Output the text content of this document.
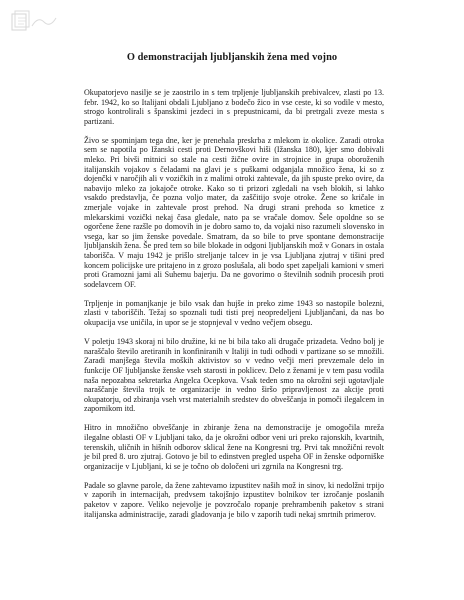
O demonstracijah ljubljanskih žena med vojno

Okupatorjevo nasilje se je zaostrilo in s tem trpljenje ljubljanskih prebivalcev, zlasti po 13. febr. 1942, ko so Italijani obdali Ljubljano z bodečo žico in vse ceste, ki so vodile v mesto, strogo kontrolirali s španskimi jezdeci in s prepustnicami, da bi pretrgali zveze mesta s partizani.

Živo se spominjam tega dne, ker je prenehala preskrba z mlekom iz okolice. Zaradi otroka sem se napotila po Ižanski cesti proti Dernovškovi hiši (Ižanska 180), kjer smo dobivali mleko. Pri bivši mitnici so stale na cesti žične ovire in strojnice in grupa oboroženih italijanskih vojakov s čeladami na glavi je s puškami odganjala množico žena, ki so z dojenčki v naročjih ali v vozičkih in z malimi otroki zahtevale, da jih spuste preko ovire, da nabavijo mleko za jokajoče otroke. Kako so ti prizori zgledali na vseh blokih, si lahko vsakdo predstavlja, če pozna voljo mater, da zaščitijo svoje otroke. Žene so kričale in zmerjale vojake in zahtevale prost prehod. Na drugi strani prehoda so kmetice z mlekarskimi vozički nekaj časa gledale, nato pa se vračale domov. Šele opoldne so se ogorčene žene razšle po domovih in je dobro samo to, da vojaki niso razumeli slovensko in vsega, kar so jim ženske povedale. Smatram, da so bile to prve spontane demonstracije ljubljanskih žena. Še pred tem so bile blokade in odgoni ljubljanskih mož v Gonars in ostala taborišča. V maju 1942 je prišlo streljanje talcev in je vsa Ljubljana zjutraj v tišini pred koncem policijske ure pritajeno in z grozo poslušala, ali bodo spet zapeljali kamioni v smeri proti Gramozni jami ali Suhemu bajerju. Da ne govorimo o številnih sodnih procesih proti sodelavcem OF.

Trpljenje in pomanjkanje je bilo vsak dan hujše in preko zime 1943 so nastopile bolezni, zlasti v taboriščih. Težaj so spoznali tudi tisti prej neopredeljeni Ljubljančani, da nas bo okupacija vse uničila, in upor se je stopnjeval v vedno večjem obsegu.

V poletju 1943 skoraj ni bilo družine, ki ne bi bila tako ali drugače prizadeta. Vedno bolj je naraščalo število aretiranih in konfiniranih v Italiji in tudi odhodi v partizane so se množili. Zaradi manjšega števila moških aktivistov so v vedno večji meri prevzemale delo in funkcije OF ljubljanske ženske vseh starosti in poklicev. Delo z ženami je v tem pasu vodila naša nepozabna sekretarka Angelca Ocepkova. Vsak teden smo na okrožni seji ugotavljale naraščanje števila trojk te organizacije in vedno širšo pripravljenost za akcije proti okupatorju, od zbiranja vseh vrst materialnih sredstev do obveščanja in pomoči ilegalcem in zapornikom itd.

Hitro in množično obveščanje in zbiranje žena na demonstracije je omogočila mreža ilegalne oblasti OF v Ljubljani tako, da je okrožni odbor veni uri preko rajonskih, kvartnih, terenskih, uličnih in hišnih odborov sklical žene na Kongresni trg. Prvi tak množični revolt je bil pred 8. uro zjutraj. Gotovo je bil to edinstven pregled uspeha OF in ženske odporniške organizacije v Ljubljani, ki se je točno ob določeni uri zgrnila na Kongresni trg.

Padale so glavne parole, da žene zahtevamo izpustitev naših mož in sinov, ki nedolžni trpijo v zaporih in internacijah, predvsem takojšnjo izpustitev bolnikov ter izročanje poslanih paketov v zapore. Veliko nejevolje je povzročalo ropanje prehrambenih paketov s strani italijanska administracije, zaradi gladovanja je bilo v zaporih tudi nekaj smrtnih primerov.
